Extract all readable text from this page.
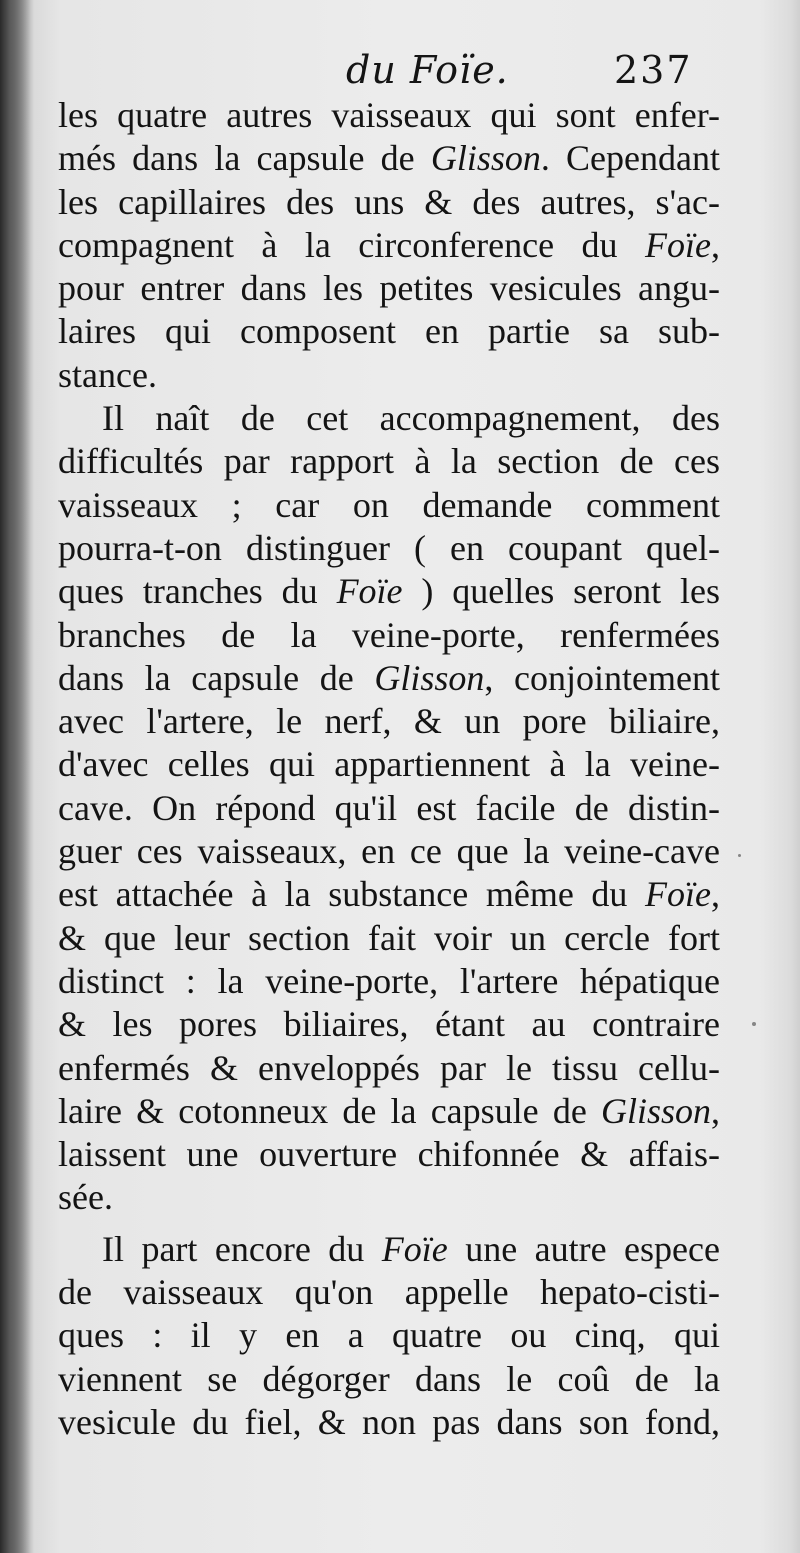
du Foïe.	237
les quatre autres vaisseaux qui sont enfer-
més dans la capsule de Glisson. Cependant
les capillaires des uns & des autres, s'ac-
compagnent à la circonference du Foïe,
pour entrer dans les petites vesicules angu-
laires qui composent en partie sa sub-
stance.
Il naît de cet accompagnement, des
difficultés par rapport à la section de ces
vaisseaux ; car on demande comment
pourra-t-on distinguer ( en coupant quel-
ques tranches du Foïe ) quelles seront les
branches de la veine-porte, renfermées
dans la capsule de Glisson, conjointement
avec l'artere, le nerf, & un pore biliaire,
d'avec celles qui appartiennent à la veine-
cave. On répond qu'il est facile de distin-
guer ces vaisseaux, en ce que la veine-cave
est attachée à la substance même du Foïe,
& que leur section fait voir un cercle fort
distinct : la veine-porte, l'artere hépatique
& les pores biliaires, étant au contraire
enfermés & enveloppés par le tissu cellu-
laire & cotonneux de la capsule de Glisson,
laissent une ouverture chifonnée & affais-
sée.
Il part encore du Foïe une autre espece
de vaisseaux qu'on appelle hepato-cisti-
ques : il y en a quatre ou cinq, qui
viennent se dégorger dans le coû de la
vesicule du fiel, & non pas dans son fond,
